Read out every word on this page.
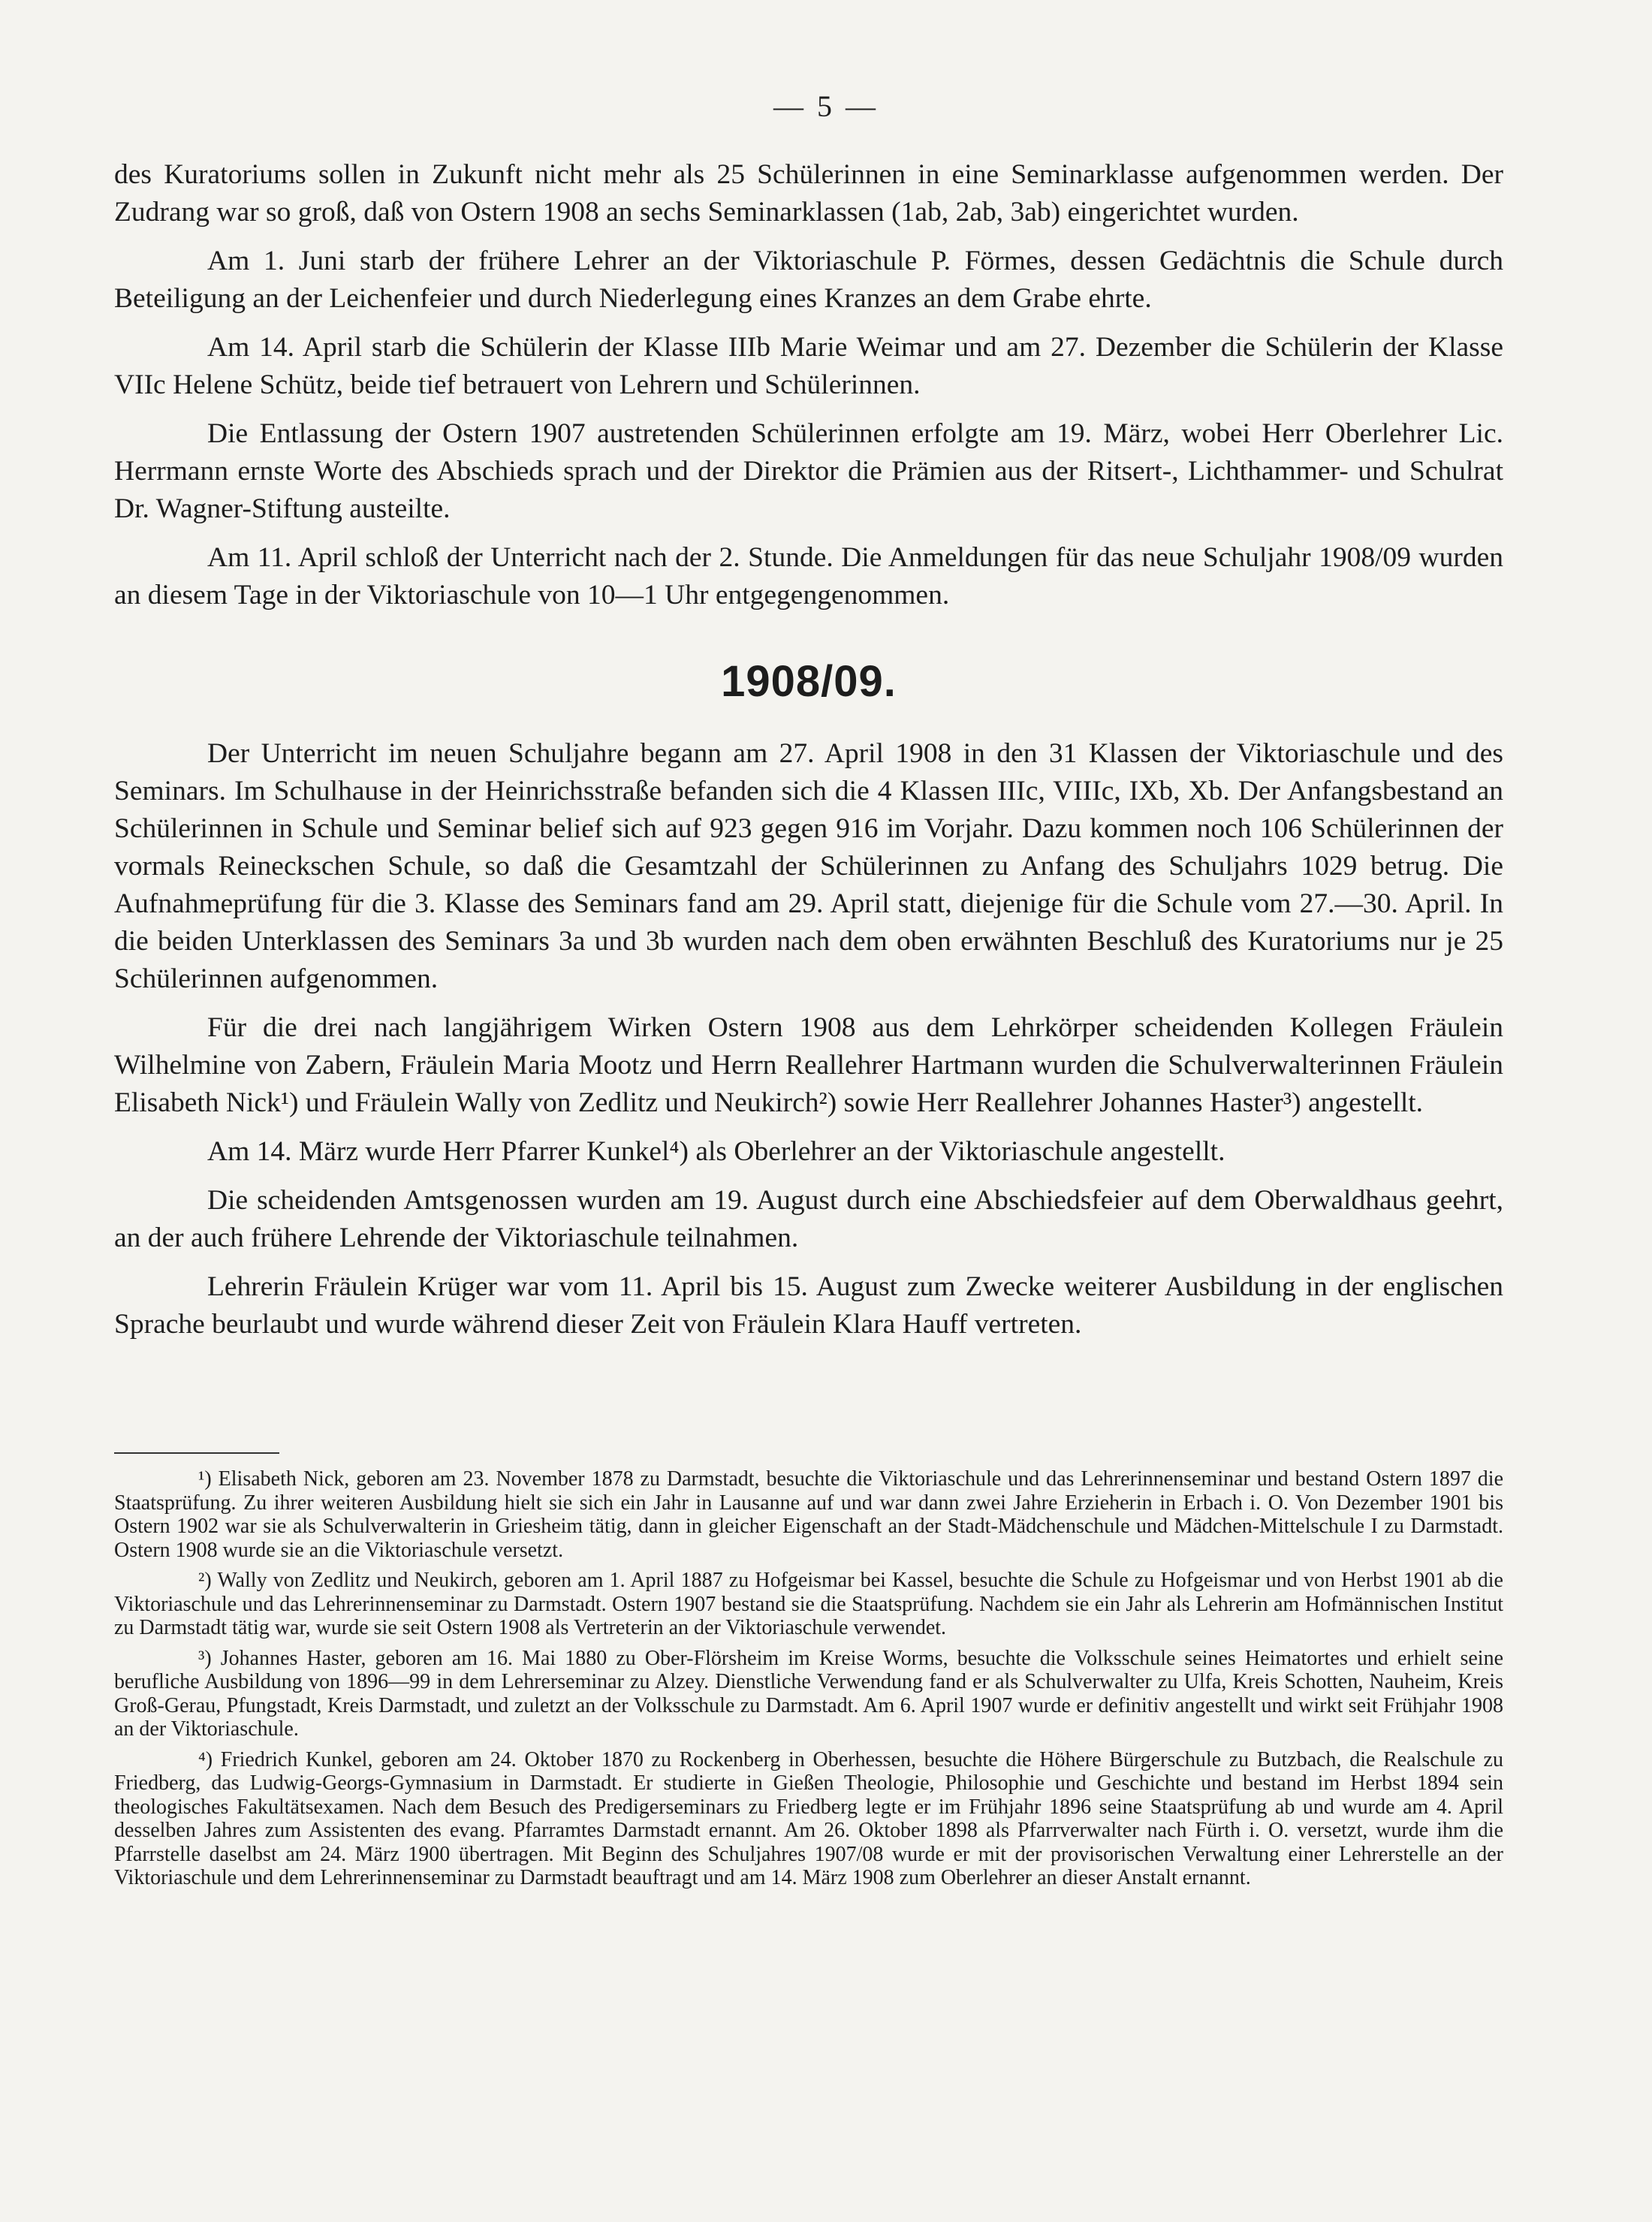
— 5 —

des Kuratoriums sollen in Zukunft nicht mehr als 25 Schülerinnen in eine Seminarklasse aufgenommen werden. Der Zudrang war so groß, daß von Ostern 1908 an sechs Seminarklassen (1ab, 2ab, 3ab) eingerichtet wurden.

Am 1. Juni starb der frühere Lehrer an der Viktoriaschule P. Förmes, dessen Gedächtnis die Schule durch Beteiligung an der Leichenfeier und durch Niederlegung eines Kranzes an dem Grabe ehrte.

Am 14. April starb die Schülerin der Klasse IIIb Marie Weimar und am 27. Dezember die Schülerin der Klasse VIIc Helene Schütz, beide tief betrauert von Lehrern und Schülerinnen.

Die Entlassung der Ostern 1907 austretenden Schülerinnen erfolgte am 19. März, wobei Herr Oberlehrer Lic. Herrmann ernste Worte des Abschieds sprach und der Direktor die Prämien aus der Ritsert-, Lichthammer- und Schulrat Dr. Wagner-Stiftung austeilte.

Am 11. April schloß der Unterricht nach der 2. Stunde. Die Anmeldungen für das neue Schuljahr 1908/09 wurden an diesem Tage in der Viktoriaschule von 10—1 Uhr entgegengenommen.

1908/09.

Der Unterricht im neuen Schuljahre begann am 27. April 1908 in den 31 Klassen der Viktoriaschule und des Seminars. Im Schulhause in der Heinrichsstraße befanden sich die 4 Klassen IIIc, VIIIc, IXb, Xb. Der Anfangsbestand an Schülerinnen in Schule und Seminar belief sich auf 923 gegen 916 im Vorjahr. Dazu kommen noch 106 Schülerinnen der vormals Reineckschen Schule, so daß die Gesamtzahl der Schülerinnen zu Anfang des Schuljahrs 1029 betrug. Die Aufnahmeprüfung für die 3. Klasse des Seminars fand am 29. April statt, diejenige für die Schule vom 27.—30. April. In die beiden Unterklassen des Seminars 3a und 3b wurden nach dem oben erwähnten Beschluß des Kuratoriums nur je 25 Schülerinnen aufgenommen.

Für die drei nach langjährigem Wirken Ostern 1908 aus dem Lehrkörper scheidenden Kollegen Fräulein Wilhelmine von Zabern, Fräulein Maria Mootz und Herrn Reallehrer Hartmann wurden die Schulverwalterinnen Fräulein Elisabeth Nick¹) und Fräulein Wally von Zedlitz und Neukirch²) sowie Herr Reallehrer Johannes Haster³) angestellt.

Am 14. März wurde Herr Pfarrer Kunkel⁴) als Oberlehrer an der Viktoriaschule angestellt.

Die scheidenden Amtsgenossen wurden am 19. August durch eine Abschiedsfeier auf dem Oberwaldhaus geehrt, an der auch frühere Lehrende der Viktoriaschule teilnahmen.

Lehrerin Fräulein Krüger war vom 11. April bis 15. August zum Zwecke weiterer Ausbildung in der englischen Sprache beurlaubt und wurde während dieser Zeit von Fräulein Klara Hauff vertreten.

¹) Elisabeth Nick, geboren am 23. November 1878 zu Darmstadt, besuchte die Viktoriaschule und das Lehrerinnenseminar und bestand Ostern 1897 die Staatsprüfung. Zu ihrer weiteren Ausbildung hielt sie sich ein Jahr in Lausanne auf und war dann zwei Jahre Erzieherin in Erbach i. O. Von Dezember 1901 bis Ostern 1902 war sie als Schulverwalterin in Griesheim tätig, dann in gleicher Eigenschaft an der Stadt-Mädchenschule und Mädchen-Mittelschule I zu Darmstadt. Ostern 1908 wurde sie an die Viktoriaschule versetzt.

²) Wally von Zedlitz und Neukirch, geboren am 1. April 1887 zu Hofgeismar bei Kassel, besuchte die Schule zu Hofgeismar und von Herbst 1901 ab die Viktoriaschule und das Lehrerinnenseminar zu Darmstadt. Ostern 1907 bestand sie die Staatsprüfung. Nachdem sie ein Jahr als Lehrerin am Hofmännischen Institut zu Darmstadt tätig war, wurde sie seit Ostern 1908 als Vertreterin an der Viktoriaschule verwendet.

³) Johannes Haster, geboren am 16. Mai 1880 zu Ober-Flörsheim im Kreise Worms, besuchte die Volksschule seines Heimatortes und erhielt seine berufliche Ausbildung von 1896—99 in dem Lehrerseminar zu Alzey. Dienstliche Verwendung fand er als Schulverwalter zu Ulfa, Kreis Schotten, Nauheim, Kreis Groß-Gerau, Pfungstadt, Kreis Darmstadt, und zuletzt an der Volksschule zu Darmstadt. Am 6. April 1907 wurde er definitiv angestellt und wirkt seit Frühjahr 1908 an der Viktoriaschule.

⁴) Friedrich Kunkel, geboren am 24. Oktober 1870 zu Rockenberg in Oberhessen, besuchte die Höhere Bürgerschule zu Butzbach, die Realschule zu Friedberg, das Ludwig-Georgs-Gymnasium in Darmstadt. Er studierte in Gießen Theologie, Philosophie und Geschichte und bestand im Herbst 1894 sein theologisches Fakultätsexamen. Nach dem Besuch des Predigerseminars zu Friedberg legte er im Frühjahr 1896 seine Staatsprüfung ab und wurde am 4. April desselben Jahres zum Assistenten des evang. Pfarramtes Darmstadt ernannt. Am 26. Oktober 1898 als Pfarrverwalter nach Fürth i. O. versetzt, wurde ihm die Pfarrstelle daselbst am 24. März 1900 übertragen. Mit Beginn des Schuljahres 1907/08 wurde er mit der provisorischen Verwaltung einer Lehrerstelle an der Viktoriaschule und dem Lehrerinnenseminar zu Darmstadt beauftragt und am 14. März 1908 zum Oberlehrer an dieser Anstalt ernannt.
